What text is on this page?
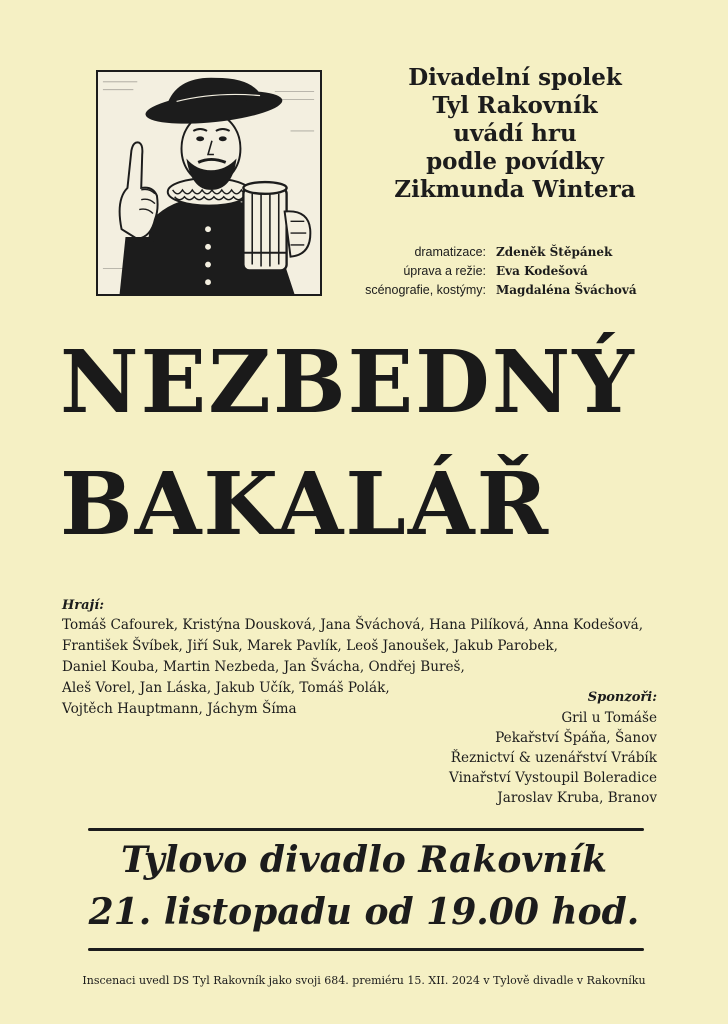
Divadelní spolek
Tyl Rakovník
uvádí hru
podle povídky
Zikmunda Wintera
dramatizace: Zdeněk Štěpánek
úprava a režie: Eva Kodešová
scénografie, kostýmy: Magdaléna Šváchová
NEZBEDNÝ
BAKALÁŘ
Hrají:
Tomáš Cafourek, Kristýna Dousková, Jana Šváchová, Hana Pilíková, Anna Kodešová,
František Švíbek, Jiří Suk, Marek Pavlík, Leoš Janoušek, Jakub Parobek,
Daniel Kouba, Martin Nezbeda, Jan Švácha, Ondřej Bureš,
Aleš Vorel, Jan Láska, Jakub Učík, Tomáš Polák,
Vojtěch Hauptmann, Jáchym Šíma
Sponzoři:
Gril u Tomáše
Pekařství Špáňa, Šanov
Řeznictví & uzenářství Vrábík
Vinařství Vystoupil Boleradice
Jaroslav Kruba, Branov
Tylovo divadlo Rakovník
21. listopadu od 19.00 hod.
Inscenaci uvedl DS Tyl Rakovník jako svoji 684. premiéru 15. XII. 2024 v Tylově divadle v Rakovníku
